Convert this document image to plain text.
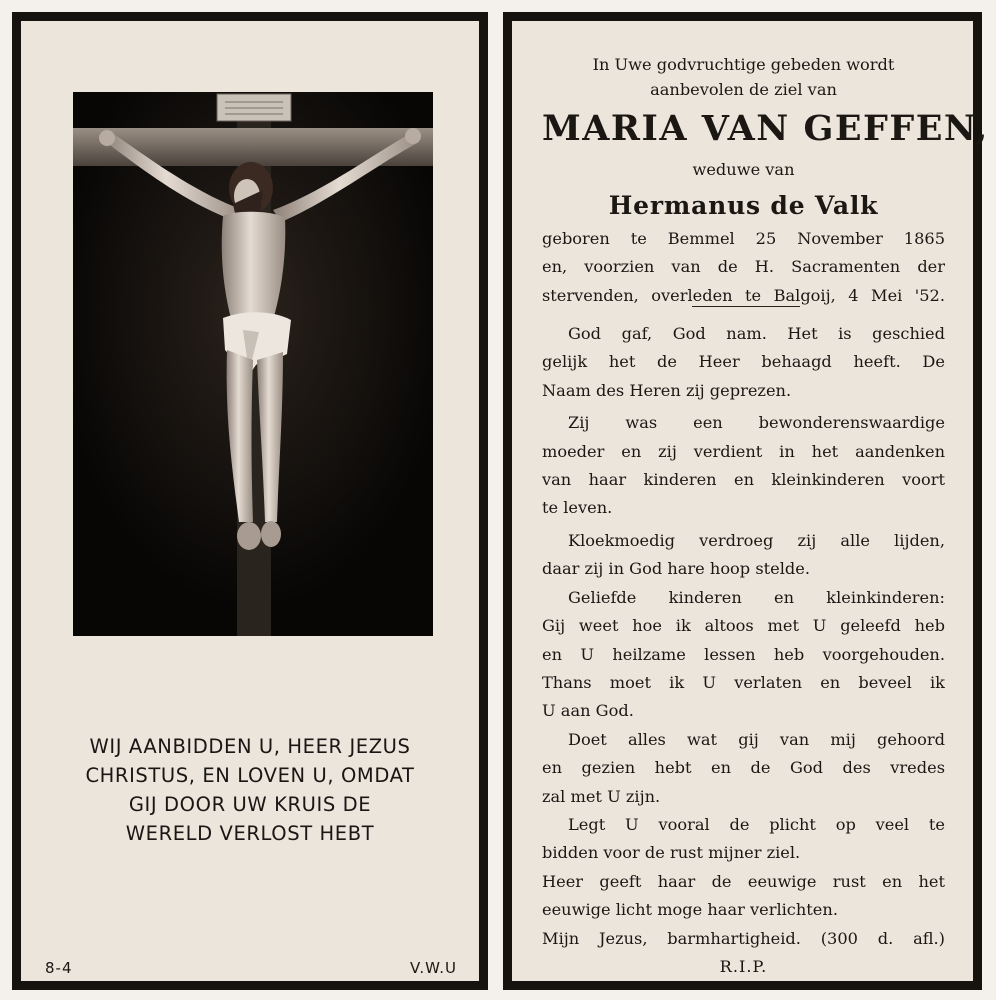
WIJ AANBIDDEN U, HEER JEZUS
CHRISTUS, EN LOVEN U, OMDAT
GIJ DOOR UW KRUIS DE
WERELD VERLOST HEBT
8-4	V.W.U
In Uwe godvruchtige gebeden wordt
aanbevolen de ziel van
MARIA VAN GEFFEN,
weduwe van
Hermanus de Valk
geboren te Bemmel 25 November 1865
en, voorzien van de H. Sacramenten der
stervenden, overleden te Balgoij, 4 Mei '52.
God gaf, God nam. Het is geschied
gelijk het de Heer behaagd heeft. De
Naam des Heren zij geprezen.
Zij was een bewonderenswaardige
moeder en zij verdient in het aandenken
van haar kinderen en kleinkinderen voort
te leven.
Kloekmoedig verdroeg zij alle lijden,
daar zij in God hare hoop stelde.
Geliefde kinderen en kleinkinderen:
Gij weet hoe ik altoos met U geleefd heb
en U heilzame lessen heb voorgehouden.
Thans moet ik U verlaten en beveel ik
U aan God.
Doet alles wat gij van mij gehoord
en gezien hebt en de God des vredes
zal met U zijn.
Legt U vooral de plicht op veel te
bidden voor de rust mijner ziel.
Heer geeft haar de eeuwige rust en het
eeuwige licht moge haar verlichten.
Mijn Jezus, barmhartigheid. (300 d. afl.)
R.I.P.
